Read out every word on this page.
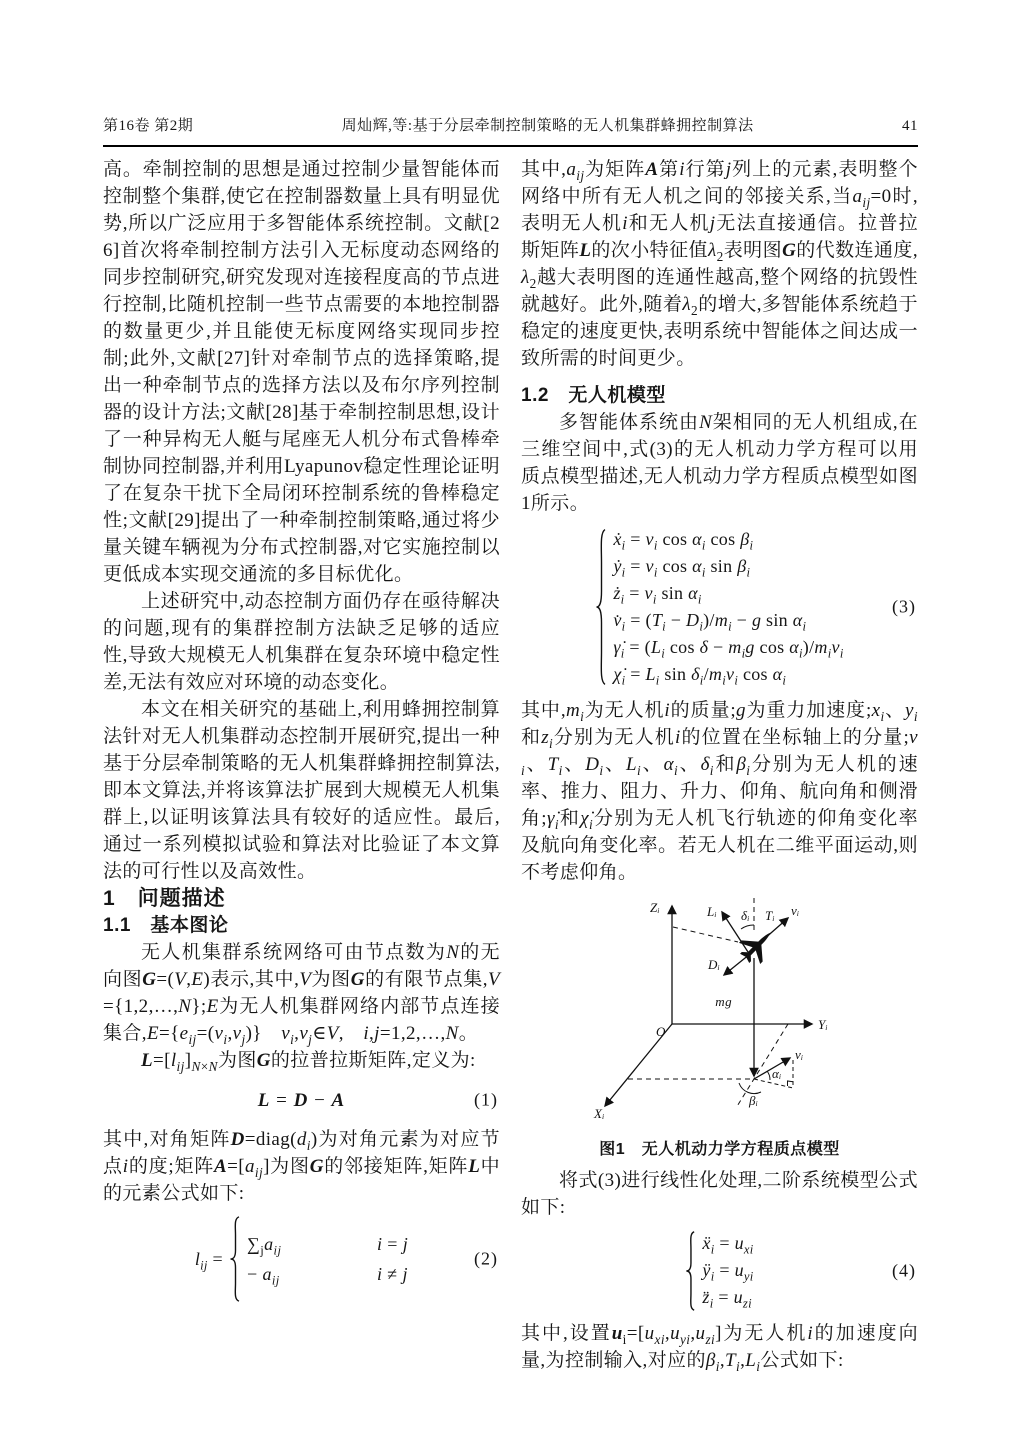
第16卷 第2期	周灿辉,等:基于分层牵制控制策略的无人机集群蜂拥控制算法	41

高。牵制控制的思想是通过控制少量智能体而控制整个集群,使它在控制器数量上具有明显优势,所以广泛应用于多智能体系统控制。文献[26]首次将牵制控制方法引入无标度动态网络的同步控制研究,研究发现对连接程度高的节点进行控制,比随机控制一些节点需要的本地控制器的数量更少,并且能使无标度网络实现同步控制;此外,文献[27]针对牵制节点的选择策略,提出一种牵制节点的选择方法以及布尔序列控制器的设计方法;文献[28]基于牵制控制思想,设计了一种异构无人艇与尾座无人机分布式鲁棒牵制协同控制器,并利用Lyapunov稳定性理论证明了在复杂干扰下全局闭环控制系统的鲁棒稳定性;文献[29]提出了一种牵制控制策略,通过将少量关键车辆视为分布式控制器,对它实施控制以更低成本实现交通流的多目标优化。

上述研究中,动态控制方面仍存在亟待解决的问题,现有的集群控制方法缺乏足够的适应性,导致大规模无人机集群在复杂环境中稳定性差,无法有效应对环境的动态变化。

本文在相关研究的基础上,利用蜂拥控制算法针对无人机集群动态控制开展研究,提出一种基于分层牵制策略的无人机集群蜂拥控制算法,即本文算法,并将该算法扩展到大规模无人机集群上,以证明该算法具有较好的适应性。最后,通过一系列模拟试验和算法对比验证了本文算法的可行性以及高效性。

1　问题描述

1.1　基本图论

无人机集群系统网络可由节点数为N的无向图G=(V,E)表示,其中,V为图G的有限节点集,V={1,2,…,N};E为无人机集群网络内部节点连接集合$,E=\{e_{ij}=(v_i,v_j)\}$　$v_i,v_j\in V$,　i,j=1,2,…,N。

$L=[l_{ij}]_{N\times N}$为图G的拉普拉斯矩阵,定义为:

L = D − A	(1)

其中,对角矩阵$D=diag(d_i)$为对角元素为对应节点i的度;矩阵$A=[a_{ij}]$为图G的邻接矩阵,矩阵L中的元素公式如下:

$l_{ij}$ =
$\sum_ja_{ij}$	i = j
− $a_{ij}$	i ≠ j
(2)

其中$,a_{ij}$为矩阵A第i行第j列上的元素,表明整个网络中所有无人机之间的邻接关系,当$a_{ij}=0$时,表明无人机i和无人机j无法直接通信。拉普拉斯矩阵L的次小特征值$\lambda_2$表明图G的代数连通度$,\lambda_2$越大表明图的连通性越高,整个网络的抗毁性就越好。此外,随着$\lambda_2$的增大,多智能体系统趋于稳定的速度更快,表明系统中智能体之间达成一致所需的时间更少。

1.2　无人机模型

多智能体系统由N架相同的无人机组成,在三维空间中,式(3)的无人机动力学方程可以用质点模型描述,无人机动力学方程质点模型如图1所示。

ẋ$_i$ = $v_i$ $\cos \alpha_i$ $\cos \beta_i$
ẏ$_i$ = $v_i$ $\cos \alpha_i$ $\sin \beta_i$
$ż_i = v_i$ $\sin \alpha_i$
$v̇_i = (T_i - D_i)/m_i - g$ $\sin \alpha_i$
$\gammȧ_i = (L_i$ $\cos \delta - m_ig$ $\cos \alpha_i)/m_iv_i$
$\chi̇_i = L_i$ $\sin \delta_i/m_iv_i$ $\cos \alpha_i$
(3)

其中$,m_i$为无人机i的质量;g为重力加速度$;x_i$、$y_i$和$z_i$分别为无人机i的位置在坐标轴上的分量$;v_i$、$T_i$、$D_i$、$L_i$、$\alpha_i$、$\delta_i$和$\beta_i$分别为无人机的速率、推力、阻力、升力、仰角、航向角和侧滑角$;\gammȧ_i$和$\chi̇_i$分别为无人机飞行轨迹的仰角变化率及航向角变化率。若无人机在二维平面运动,则不考虑仰角。

Zᵢ
Yᵢ
Xᵢ
O
Lᵢ δᵢ Tᵢ vᵢ
Dᵢ
mg
vᵢ
αᵢ
βᵢ
图1　无人机动力学方程质点模型

将式(3)进行线性化处理,二阶系统模型公式如下:

ẍ$_i$ = $u_{xi}$
$ÿ_i = u_{yi}$
$z̈_i = u_{zi}$
(4)

其中,设置$u_i=[u_{xi},u_{yi},u_{zi}]$为无人机i的加速度向量,为控制输入,对应的$\beta_i,T_i,L_i$公式如下:
